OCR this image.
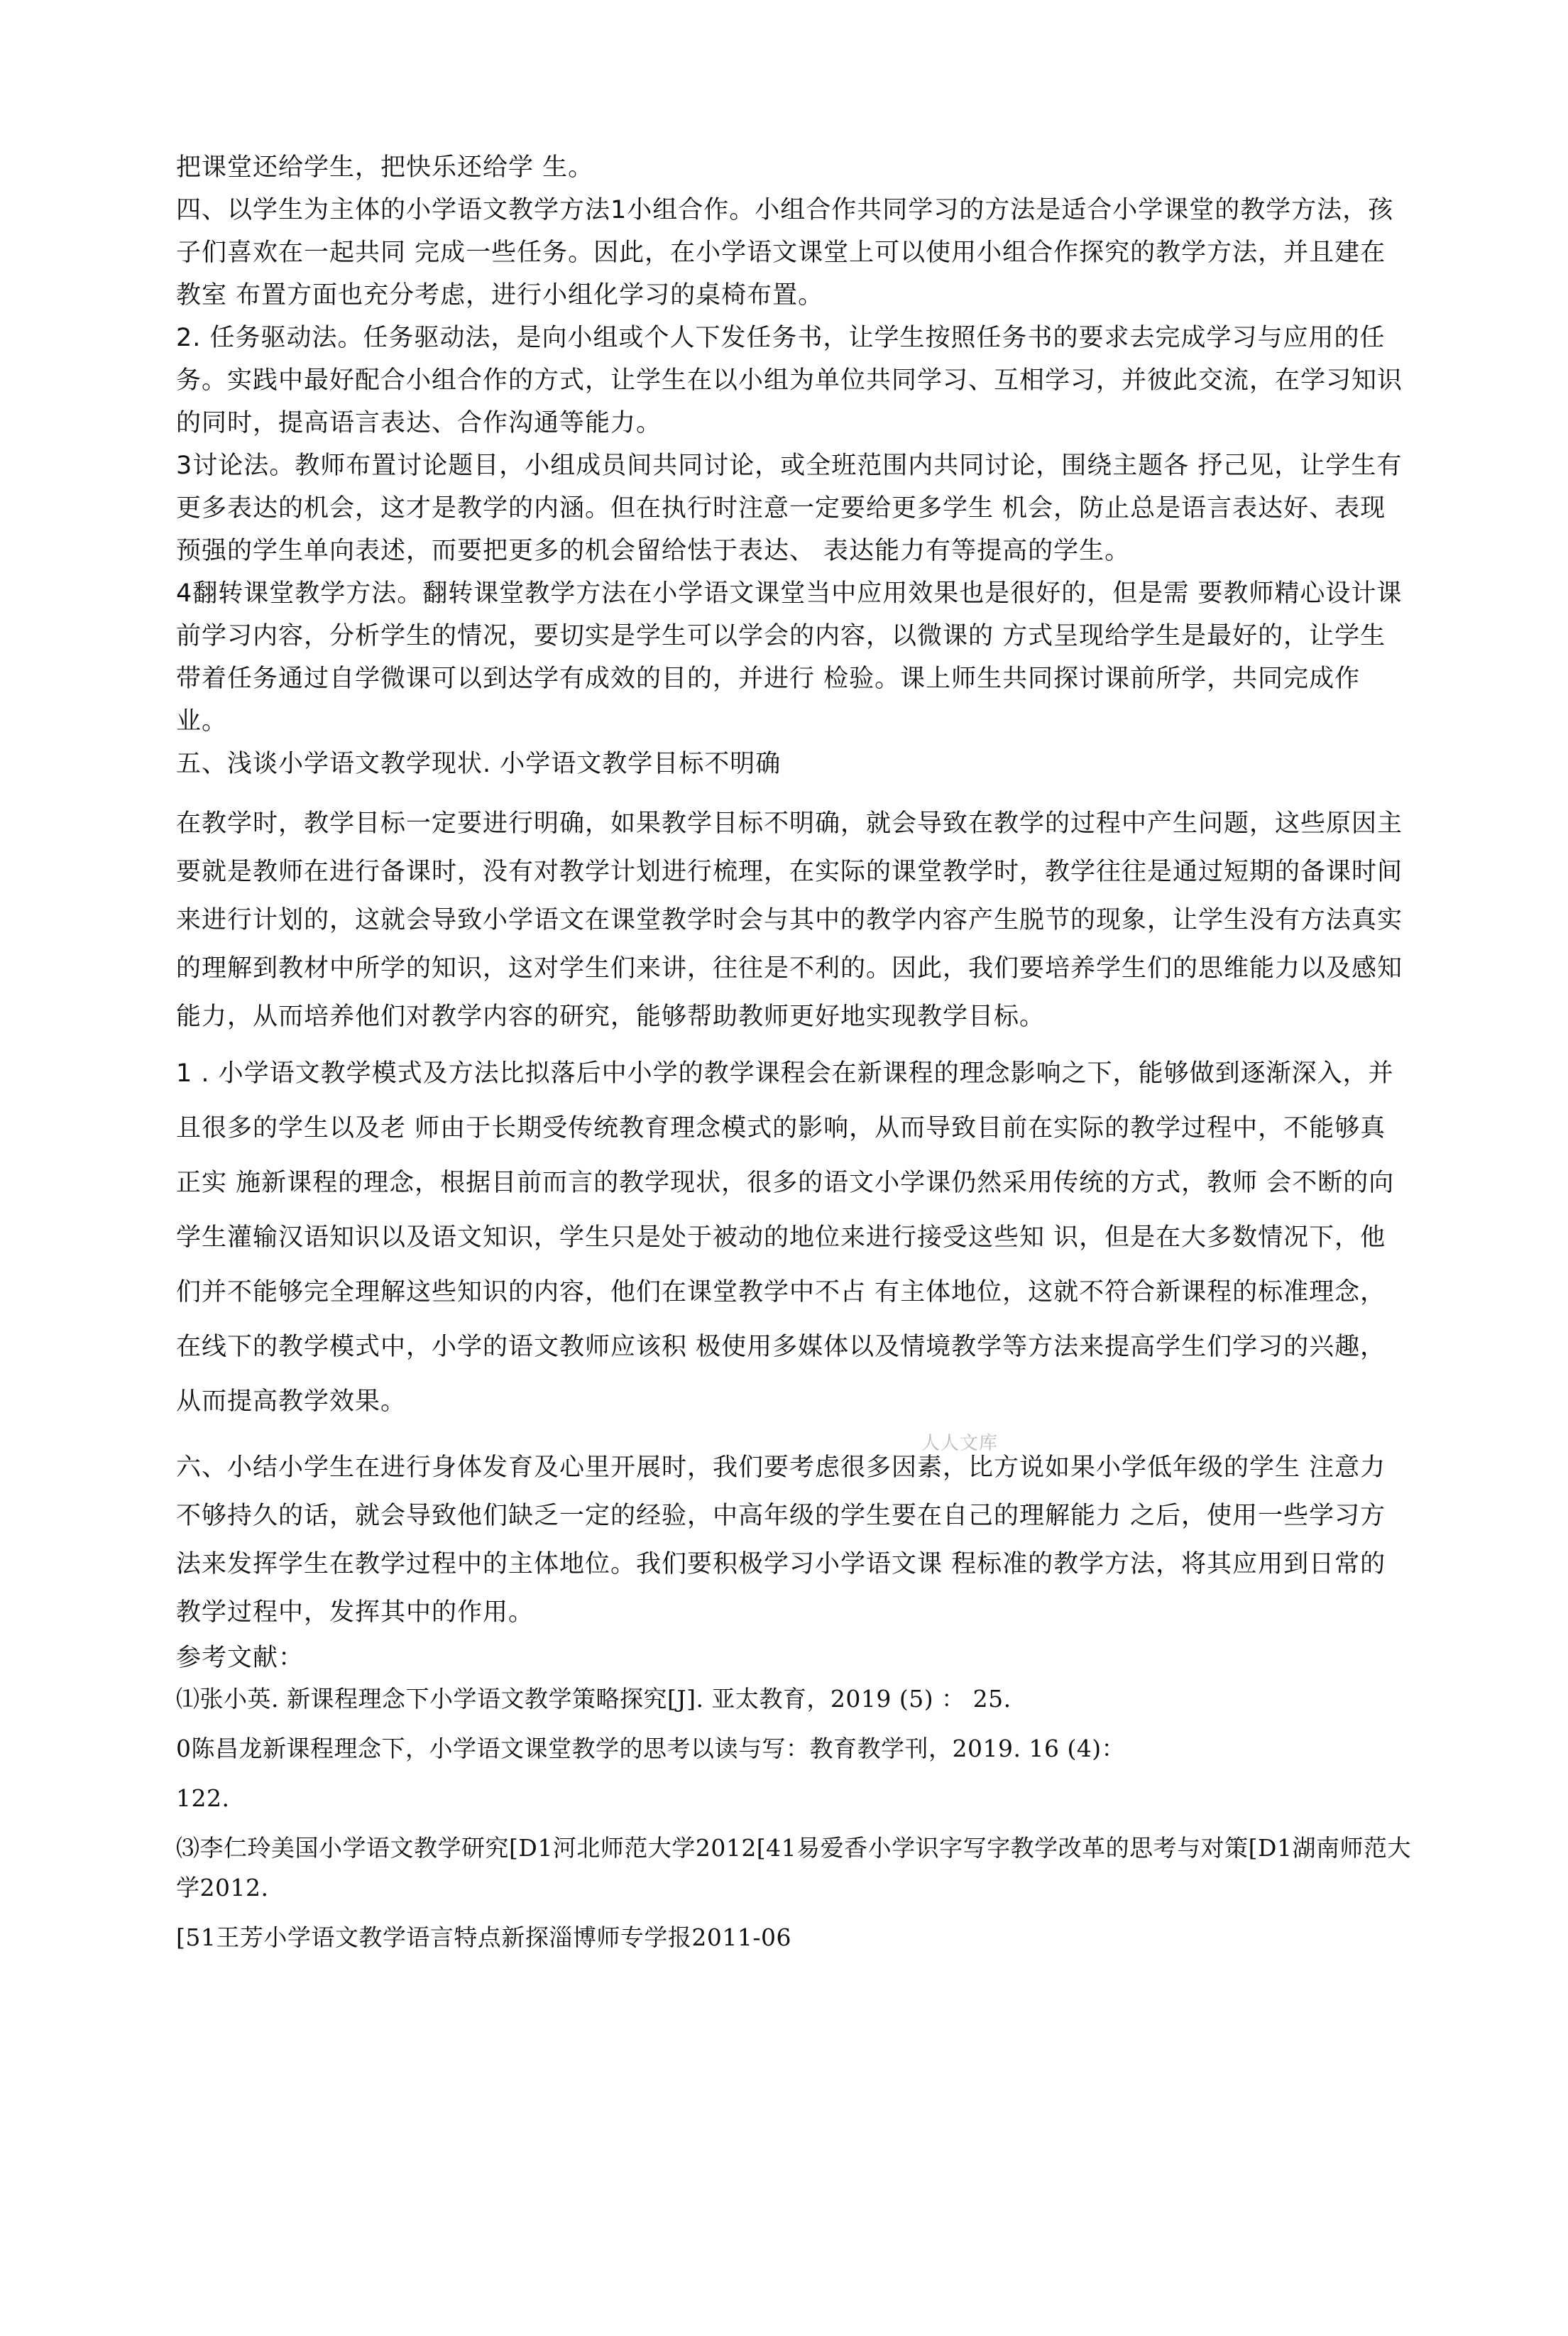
把课堂还给学生，把快乐还给学 生。

四、以学生为主体的小学语文教学方法1小组合作。小组合作共同学习的方法是适合小学课堂的教学方法，孩子们喜欢在一起共同 完成一些任务。因此，在小学语文课堂上可以使用小组合作探究的教学方法，并且建在教室 布置方面也充分考虑，进行小组化学习的桌椅布置。

2. 任务驱动法。任务驱动法，是向小组或个人下发任务书，让学生按照任务书的要求去完成学习与应用的任务。实践中最好配合小组合作的方式，让学生在以小组为单位共同学习、互相学习，并彼此交流，在学习知识的同时，提高语言表达、合作沟通等能力。

3讨论法。教师布置讨论题目，小组成员间共同讨论，或全班范围内共同讨论，围绕主题各 抒己见，让学生有更多表达的机会，这才是教学的内涵。但在执行时注意一定要给更多学生 机会，防止总是语言表达好、表现预强的学生单向表述，而要把更多的机会留给怯于表达、 表达能力有等提高的学生。

4翻转课堂教学方法。翻转课堂教学方法在小学语文课堂当中应用效果也是很好的，但是需 要教师精心设计课前学习内容，分析学生的情况，要切实是学生可以学会的内容，以微课的 方式呈现给学生是最好的，让学生带着任务通过自学微课可以到达学有成效的目的，并进行 检验。课上师生共同探讨课前所学，共同完成作业。

五、浅谈小学语文教学现状. 小学语文教学目标不明确

在教学时，教学目标一定要进行明确，如果教学目标不明确，就会导致在教学的过程中产生问题，这些原因主要就是教师在进行备课时，没有对教学计划进行梳理，在实际的课堂教学时，教学往往是通过短期的备课时间来进行计划的，这就会导致小学语文在课堂教学时会与其中的教学内容产生脱节的现象，让学生没有方法真实的理解到教材中所学的知识，这对学生们来讲，往往是不利的。因此，我们要培养学生们的思维能力以及感知能力，从而培养他们对教学内容的研究，能够帮助教师更好地实现教学目标。

1 . 小学语文教学模式及方法比拟落后中小学的教学课程会在新课程的理念影响之下，能够做到逐渐深入，并且很多的学生以及老 师由于长期受传统教育理念模式的影响，从而导致目前在实际的教学过程中，不能够真正实 施新课程的理念，根据目前而言的教学现状，很多的语文小学课仍然采用传统的方式，教师 会不断的向学生灌输汉语知识以及语文知识，学生只是处于被动的地位来进行接受这些知 识，但是在大多数情况下，他们并不能够完全理解这些知识的内容，他们在课堂教学中不占 有主体地位，这就不符合新课程的标准理念，在线下的教学模式中，小学的语文教师应该积 极使用多媒体以及情境教学等方法来提高学生们学习的兴趣，从而提高教学效果。

六、小结小学生在进行身体发育及心里开展时，我们要考虑很多因素，比方说如果小学低年级的学生 注意力不够持久的话，就会导致他们缺乏一定的经验，中高年级的学生要在自己的理解能力 之后，使用一些学习方法来发挥学生在教学过程中的主体地位。我们要积极学习小学语文课 程标准的教学方法，将其应用到日常的教学过程中，发挥其中的作用。

参考文献：

⑴张小英. 新课程理念下小学语文教学策略探究[J]. 亚太教育，2019 (5) ： 25.

0陈昌龙新课程理念下，小学语文课堂教学的思考以读与写：教育教学刊，2019. 16 (4)：

122.

⑶李仁玲美国小学语文教学研究[D1河北师范大学2012[41易爱香小学识字写字教学改革的思考与对策[D1湖南师范大学2012.

[51王芳小学语文教学语言特点新探淄博师专学报2011-06

人人文库
